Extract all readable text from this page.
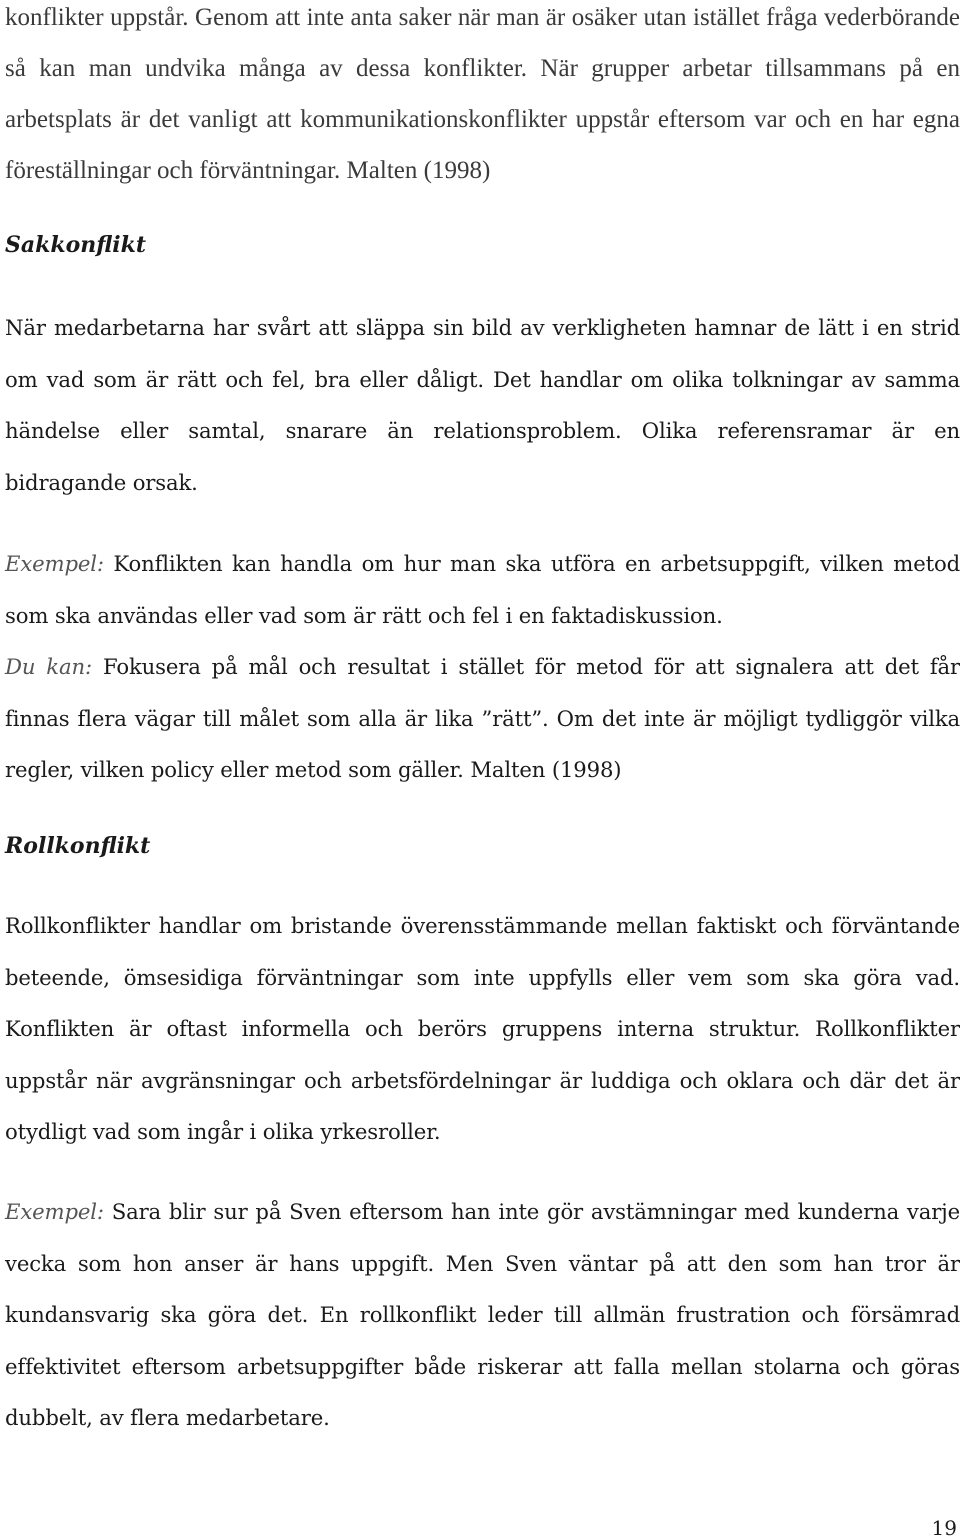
konflikter uppstår. Genom att inte anta saker när man är osäker utan istället fråga vederbörande så kan man undvika många av dessa konflikter. När grupper arbetar tillsammans på en arbetsplats är det vanligt att kommunikationskonflikter uppstår eftersom var och en har egna föreställningar och förväntningar. Malten (1998)

Sakkonflikt

När medarbetarna har svårt att släppa sin bild av verkligheten hamnar de lätt i en strid om vad som är rätt och fel, bra eller dåligt. Det handlar om olika tolkningar av samma händelse eller samtal, snarare än relationsproblem. Olika referensramar är en bidragande orsak.

Exempel: Konflikten kan handla om hur man ska utföra en arbetsuppgift, vilken metod som ska användas eller vad som är rätt och fel i en faktadiskussion.

Du kan: Fokusera på mål och resultat i stället för metod för att signalera att det får finnas flera vägar till målet som alla är lika ”rätt”. Om det inte är möjligt tydliggör vilka regler, vilken policy eller metod som gäller. Malten (1998)

Rollkonflikt

Rollkonflikter handlar om bristande överensstämmande mellan faktiskt och förväntande beteende, ömsesidiga förväntningar som inte uppfylls eller vem som ska göra vad. Konflikten är oftast informella och berörs gruppens interna struktur. Rollkonflikter uppstår när avgränsningar och arbetsfördelningar är luddiga och oklara och där det är otydligt vad som ingår i olika yrkesroller.

Exempel: Sara blir sur på Sven eftersom han inte gör avstämningar med kunderna varje vecka som hon anser är hans uppgift. Men Sven väntar på att den som han tror är kundansvarig ska göra det. En rollkonflikt leder till allmän frustration och försämrad effektivitet eftersom arbetsuppgifter både riskerar att falla mellan stolarna och göras dubbelt, av flera medarbetare.

19
